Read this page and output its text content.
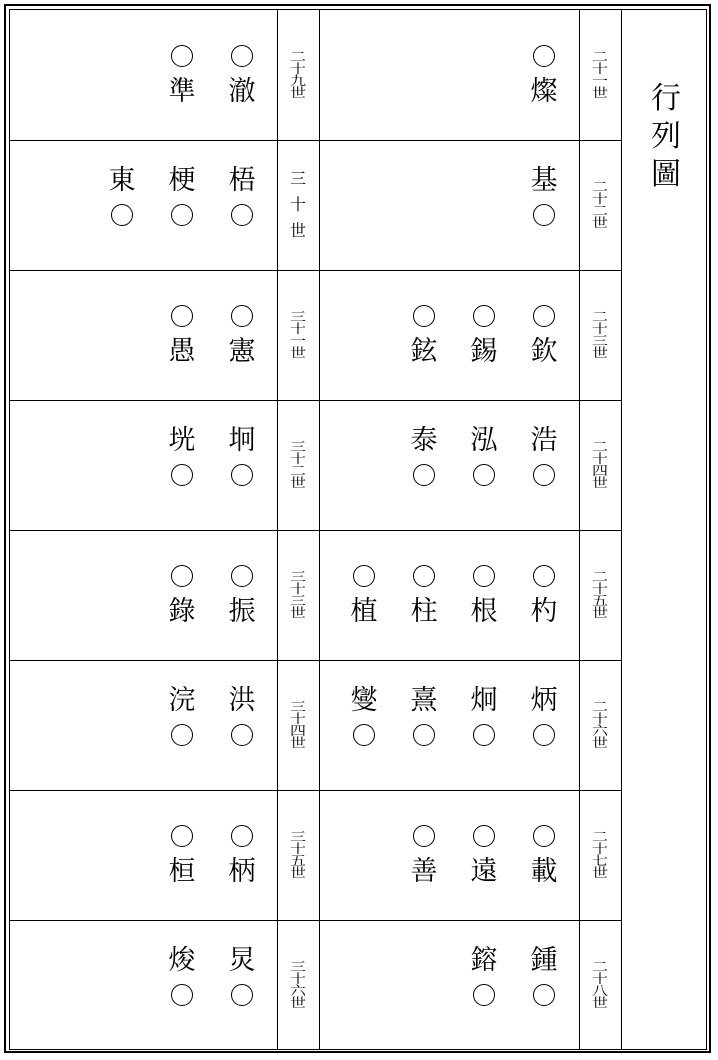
行
列
圖
二
十
一
世
燦
二
十
二
世
基
二
十
三
世
欽
錫
鉉
二
十
四
世
浩
泓
泰
二
十
五
世
杓
根
柱
植
二
十
六
世
炳
炯
熹
燮
二
十
七
世
載
遠
善
二
十
八
世
鍾
鎔
二
十
九
世
澈
準
三
十
世
梧
梗
東
三
十
一
世
憲
愚
三
十
二
世
坰
垙
三
十
三
世
振
錄
三
十
四
世
洪
浣
三
十
五
世
柄
桓
三
十
六
世
炅
焌
